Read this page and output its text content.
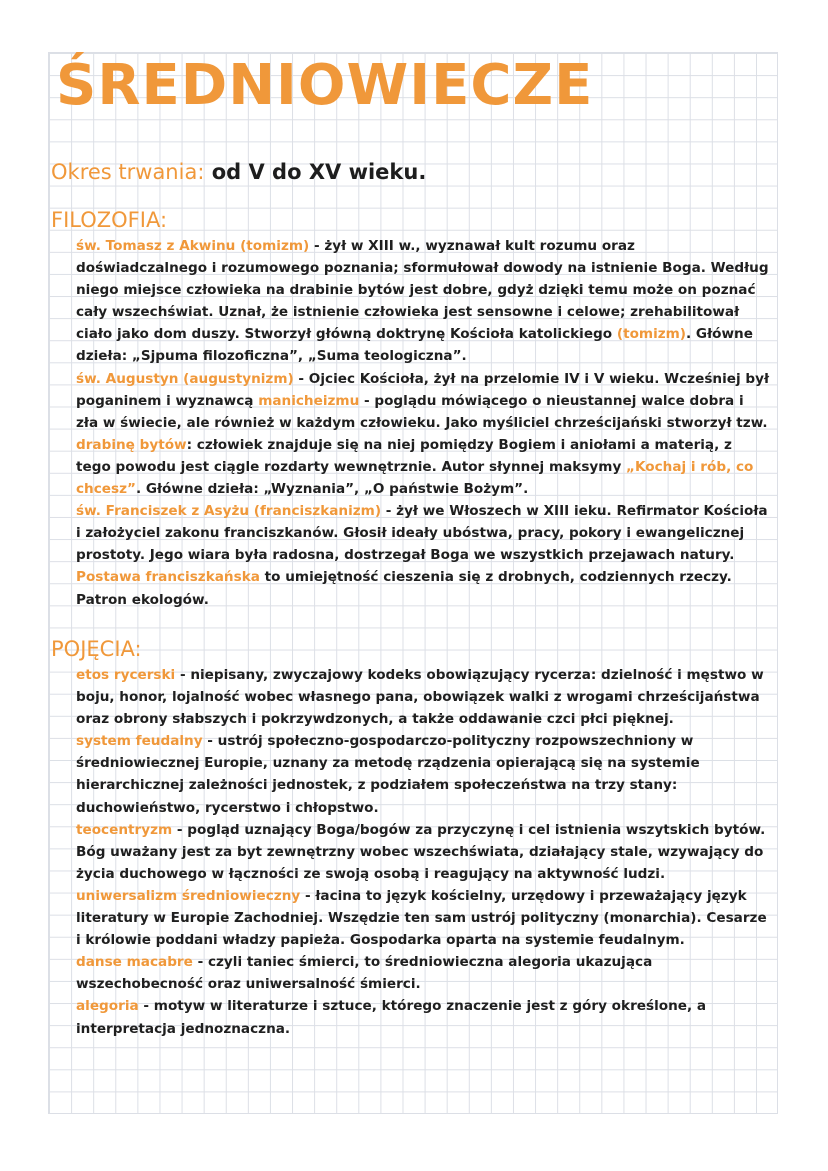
ŚREDNIOWIECZE

Okres trwania: od V do XV wieku.

FILOZOFIA:

św. Tomasz z Akwinu (tomizm) - żył w XIII w., wyznawał kult rozumu oraz doświadczalnego i rozumowego poznania; sformułował dowody na istnienie Boga. Według niego miejsce człowieka na drabinie bytów jest dobre, gdyż dzięki temu może on poznać cały wszechświat. Uznał, że istnienie człowieka jest sensowne i celowe; zrehabilitował ciało jako dom duszy. Stworzył główną doktrynę Kościoła katolickiego (tomizm). Główne dzieła: „Sjpuma filozoficzna”, „Suma teologiczna”.

św. Augustyn (augustynizm) - Ojciec Kościoła, żył na przelomie IV i V wieku. Wcześniej był poganinem i wyznawcą manicheizmu - poglądu mówiącego o nieustannej walce dobra i zła w świecie, ale również w każdym człowieku. Jako myśliciel chrześcijański stworzył tzw. drabinę bytów: człowiek znajduje się na niej pomiędzy Bogiem i aniołami a materią, z tego powodu jest ciągle rozdarty wewnętrznie. Autor słynnej maksymy „Kochaj i rób, co chcesz”. Główne dzieła: „Wyznania”, „O państwie Bożym”.

św. Franciszek z Asyżu (franciszkanizm) - żył we Włoszech w XIII ieku. Refirmator Kościoła i założyciel zakonu franciszkanów. Głosił ideały ubóstwa, pracy, pokory i ewangelicznej prostoty. Jego wiara była radosna, dostrzegał Boga we wszystkich przejawach natury. Postawa franciszkańska to umiejętność cieszenia się z drobnych, codziennych rzeczy. Patron ekologów.

POJĘCIA:

etos rycerski - niepisany, zwyczajowy kodeks obowiązujący rycerza: dzielność i męstwo w boju, honor, lojalność wobec własnego pana, obowiązek walki z wrogami chrześcijaństwa oraz obrony słabszych i pokrzywdzonych, a także oddawanie czci płci pięknej.

system feudalny - ustrój społeczno-gospodarczo-polityczny rozpowszechniony w średniowiecznej Europie, uznany za metodę rządzenia opierającą się na systemie hierarchicznej zależności jednostek, z podziałem społeczeństwa na trzy stany: duchowieństwo, rycerstwo i chłopstwo.

teocentryzm - pogląd uznający Boga/bogów za przyczynę i cel istnienia wszytskich bytów. Bóg uważany jest za byt zewnętrzny wobec wszechświata, działający stale, wzywający do życia duchowego w łączności ze swoją osobą i reagujący na aktywność ludzi.

uniwersalizm średniowieczny - łacina to język kościelny, urzędowy i przeważający język literatury w Europie Zachodniej. Wszędzie ten sam ustrój polityczny (monarchia). Cesarze i królowie poddani władzy papieża. Gospodarka oparta na systemie feudalnym.

danse macabre - czyli taniec śmierci, to średniowieczna alegoria ukazująca wszechobecność oraz uniwersalność śmierci.

alegoria - motyw w literaturze i sztuce, którego znaczenie jest z góry określone, a interpretacja jednoznaczna.
